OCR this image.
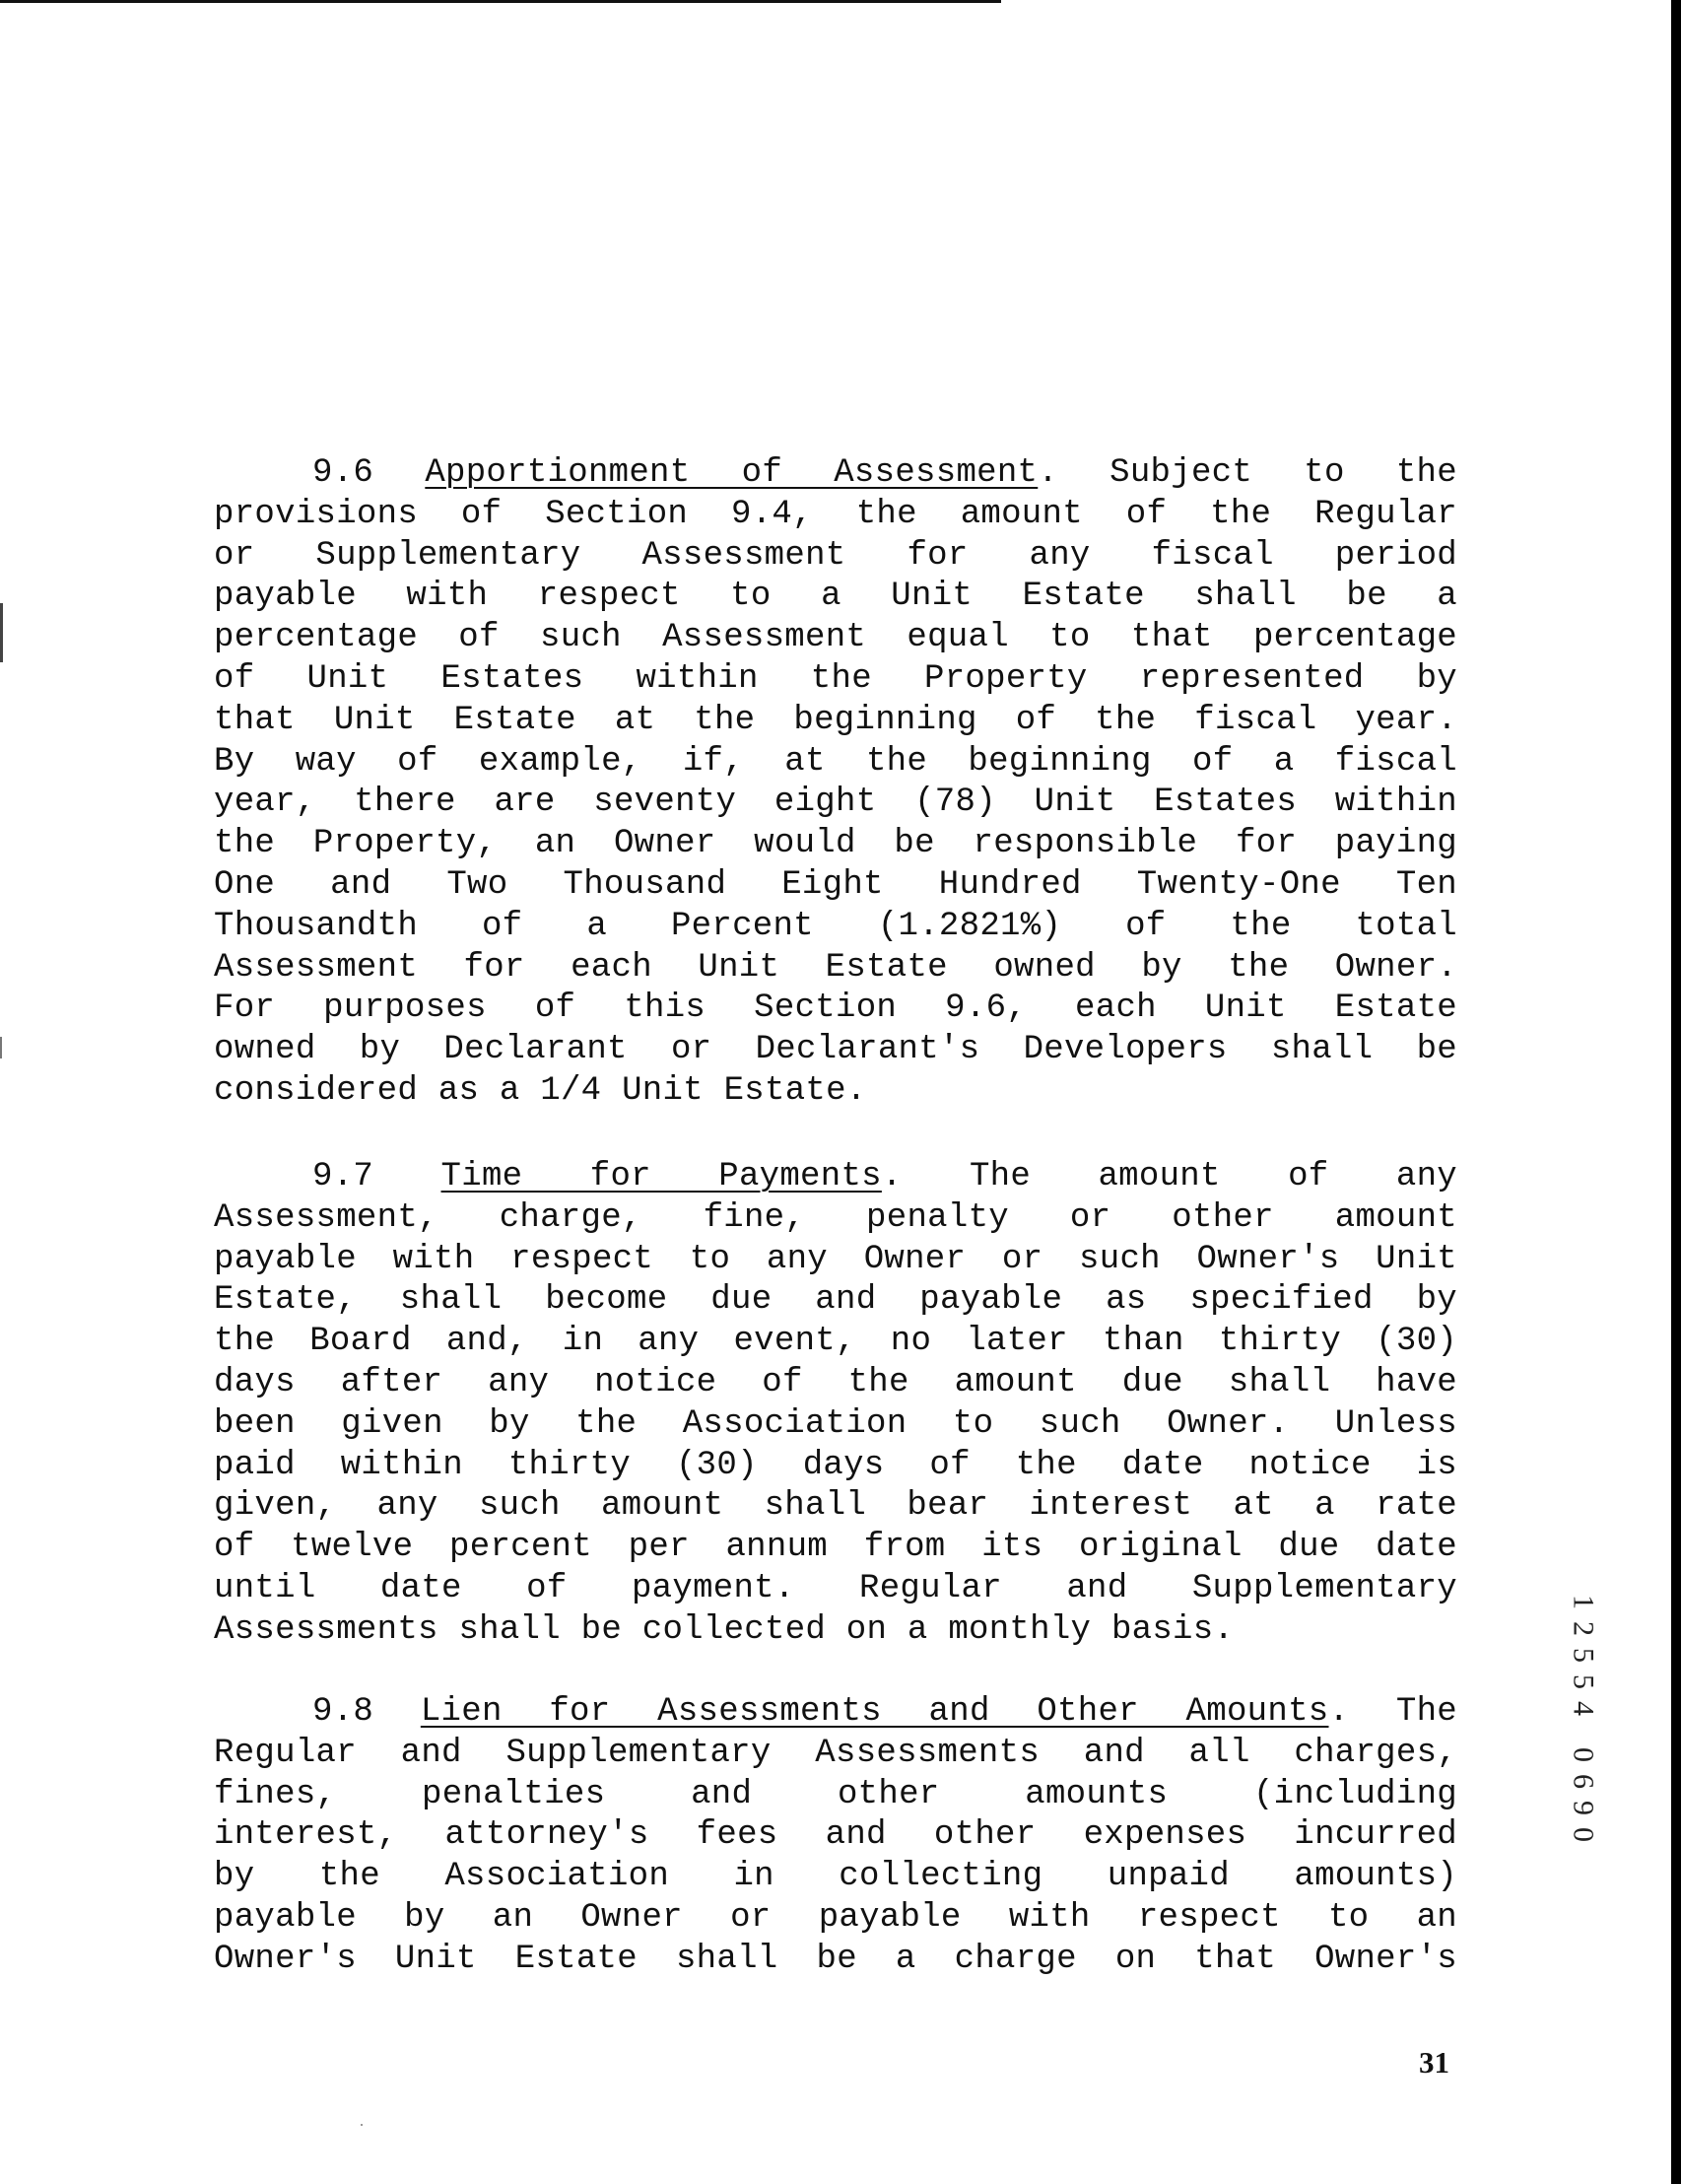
9.6 Apportionment of Assessment. Subject to the
provisions of Section 9.4, the amount of the Regular
or Supplementary Assessment for any fiscal period
payable with respect to a Unit Estate shall be a
percentage of such Assessment equal to that percentage
of Unit Estates within the Property represented by
that Unit Estate at the beginning of the fiscal year.
By way of example, if, at the beginning of a fiscal
year, there are seventy eight (78) Unit Estates within
the Property, an Owner would be responsible for paying
One and Two Thousand Eight Hundred Twenty-One Ten
Thousandth of a Percent (1.2821%) of the total
Assessment for each Unit Estate owned by the Owner.
For purposes of this Section 9.6, each Unit Estate
owned by Declarant or Declarant's Developers shall be
considered as a 1/4 Unit Estate.
9.7 Time for Payments. The amount of any
Assessment, charge, fine, penalty or other amount
payable with respect to any Owner or such Owner's Unit
Estate, shall become due and payable as specified by
the Board and, in any event, no later than thirty (30)
days after any notice of the amount due shall have
been given by the Association to such Owner. Unless
paid within thirty (30) days of the date notice is
given, any such amount shall bear interest at a rate
of twelve percent per annum from its original due date
until date of payment. Regular and Supplementary
Assessments shall be collected on a monthly basis.
9.8 Lien for Assessments and Other Amounts. The
Regular and Supplementary Assessments and all charges,
fines, penalties and other amounts (including
interest, attorney's fees and other expenses incurred
by the Association in collecting unpaid amounts)
payable by an Owner or payable with respect to an
Owner's Unit Estate shall be a charge on that Owner's
1
2
5
5
4
0
6
9
0
31
